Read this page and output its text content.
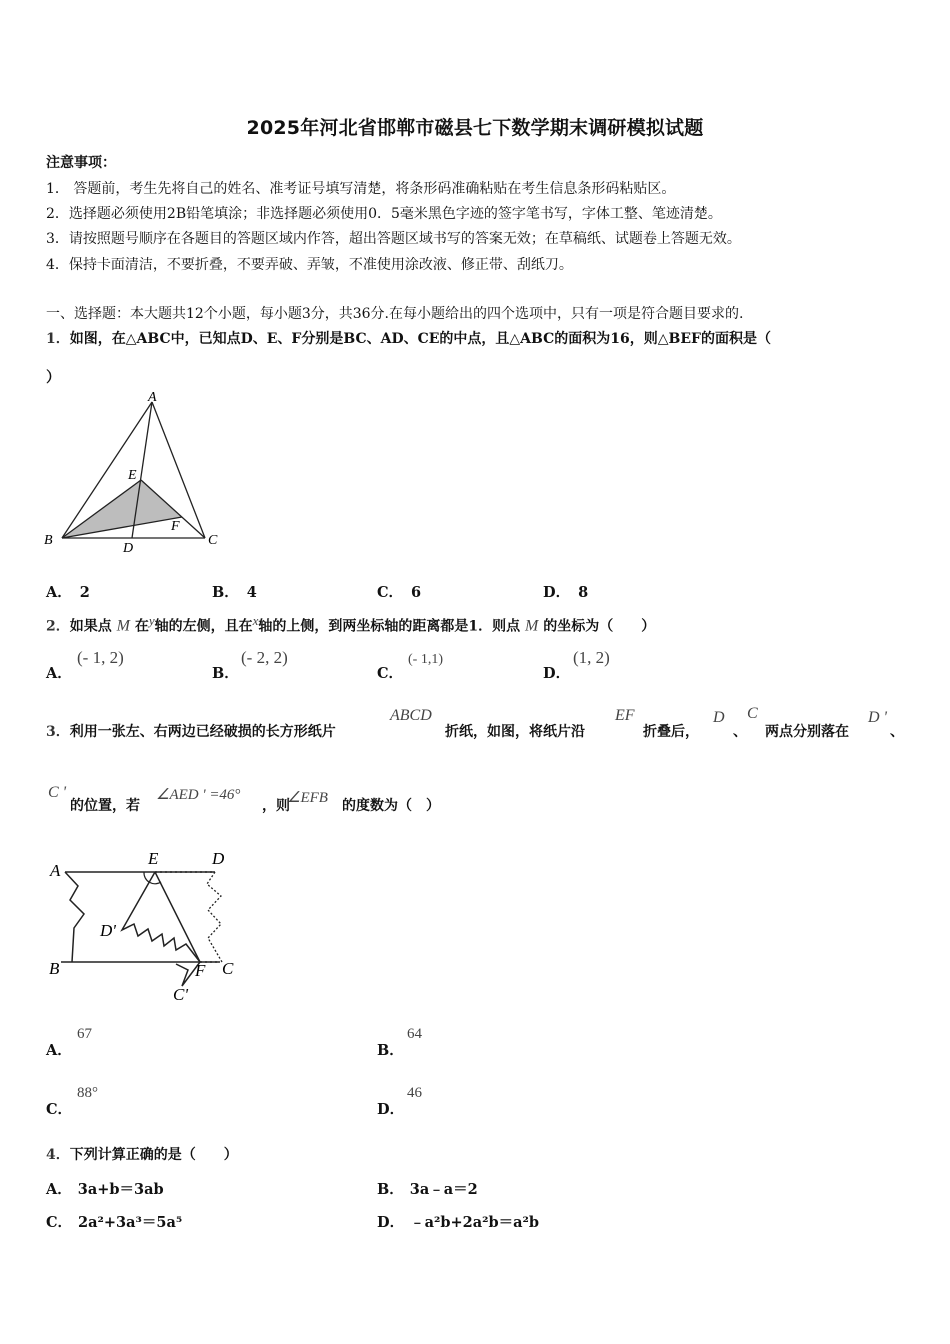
2025年河北省邯郸市磁县七下数学期末调研模拟试题
注意事项：
1． 答题前，考生先将自己的姓名、准考证号填写清楚，将条形码准确粘贴在考生信息条形码粘贴区。
2．选择题必须使用2B铅笔填涂；非选择题必须使用0．5毫米黑色字迹的签字笔书写，字体工整、笔迹清楚。
3．请按照题号顺序在各题目的答题区域内作答，超出答题区域书写的答案无效；在草稿纸、试题卷上答题无效。
4．保持卡面清洁，不要折叠，不要弄破、弄皱，不准使用涂改液、修正带、刮纸刀。
一、选择题：本大题共12个小题，每小题3分，共36分.在每小题给出的四个选项中，只有一项是符合题目要求的.
1．如图，在△ABC中，已知点D、E、F分别是BC、AD、CE的中点，且△ABC的面积为16，则△BEF的面积是（
）
A
B	C
D
E
F
A． 2	B． 4	C． 6	D． 8
2．如果点 M 在$^y$轴的左侧，且在$^x$轴的上侧，到两坐标轴的距离都是1．则点 M 的坐标为（　　）
A．
(- 1, 2)
B．
(- 2, 2)
C．
(- 1,1)
D．
(1, 2)
3．利用一张左、右两边已经破损的长方形纸片
ABCD
折纸，如图，将纸片沿
EF
折叠后，
D
、
C
两点分别落在
D '
、
C '
的位置，若
∠AED ' =46°
，则
∠EFB 的度数为（　）
A
E	D
D'
B	F C
C'
A．
67
B．
64
C．
88°
D．
46
4．下列计算正确的是（　　）
A． 3a+b＝3ab	B． 3a﹣a＝2
C． 2a²+3a³＝5a⁵	D． ﹣a²b+2a²b＝a²b
